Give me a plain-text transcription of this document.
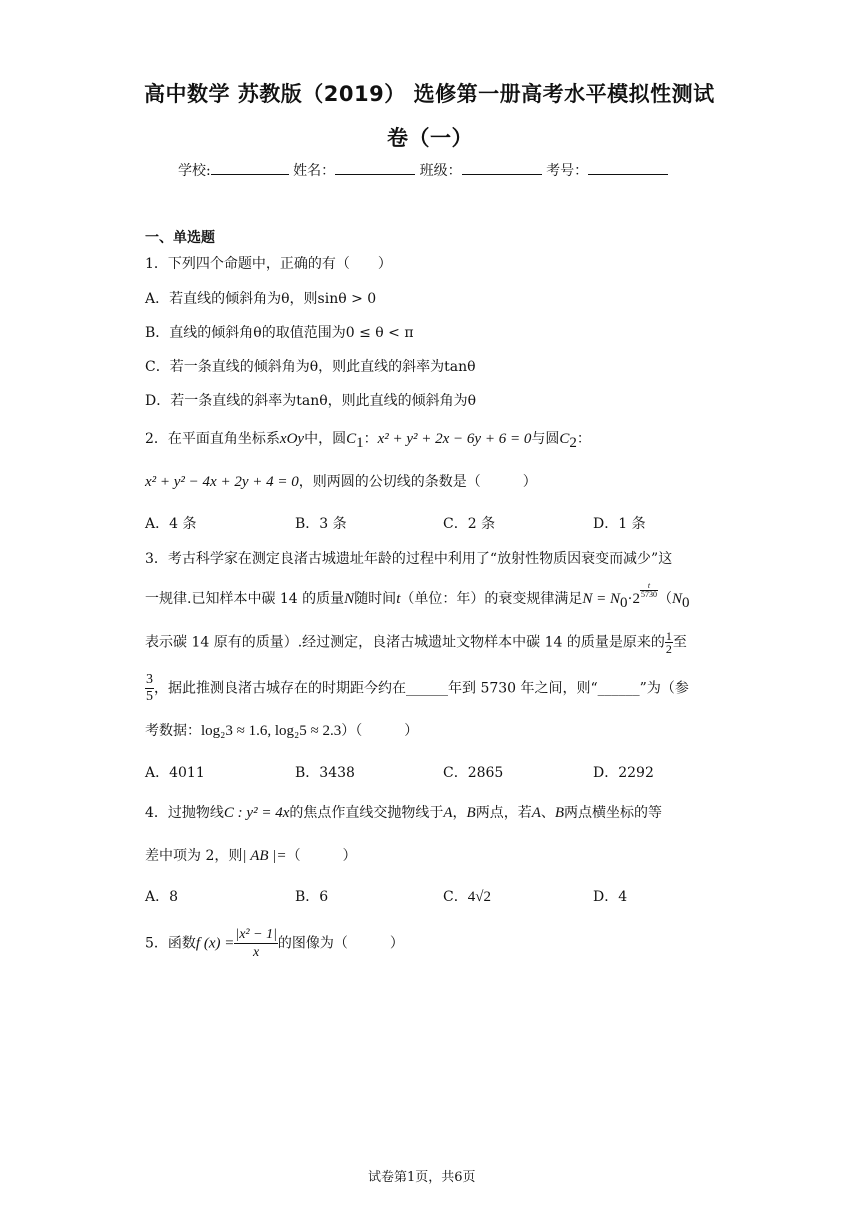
高中数学 苏教版（2019） 选修第一册高考水平模拟性测试
卷（一）
学校:	姓名：	班级：	考号：
一、单选题
1．下列四个命题中，正确的有（　　）
A．若直线的倾斜角为θ，则sinθ > 0
B．直线的倾斜角θ的取值范围为0 ≤ θ < π
C．若一条直线的倾斜角为θ，则此直线的斜率为tanθ
D．若一条直线的斜率为tanθ，则此直线的倾斜角为θ
2．在平面直角坐标系xOy中，圆$C_1$：x² + y² + 2x − 6y + 6 = 0与圆$C_2$：
x² + y² − 4x + 2y + 4 = 0，则两圆的公切线的条数是（　　　）
A．4 条	B．3 条	C．2 条	D．1 条
3．考古科学家在测定良渚古城遗址年龄的过程中利用了“放射性物质因衰变而减少”这
一规律.已知样本中碳 14 的质量N随时间t（单位：年）的衰变规律满足$N = N_0\cdot 2 \frac{t}{5730} (N_0$
表示碳 14 原有的质量）.经过测定，良渚古城遗址文物样本中碳 14 的质量是原来的 $\frac{1}{2}$ 至
$\frac{3}{5}$ ，据此推测良渚古城存在的时期距今约在______年到 5730 年之间，则“______”为（参
考数据：log₂3 ≈ 1.6, log₂5 ≈ 2.3）（　　　）
A．4011	B．3438	C．2865	D．2292
4．过抛物线C : y² = 4x的焦点作直线交抛物线于A，B两点，若A、B两点横坐标的等
差中项为 2，则| AB |=（　　　）
A．8	B．6	C．4√2	D．4
5．函数f $(x) = \frac{\text{|x² − 1|}}{x}$ 的图像为（　　　）
试卷第1页，共6页
